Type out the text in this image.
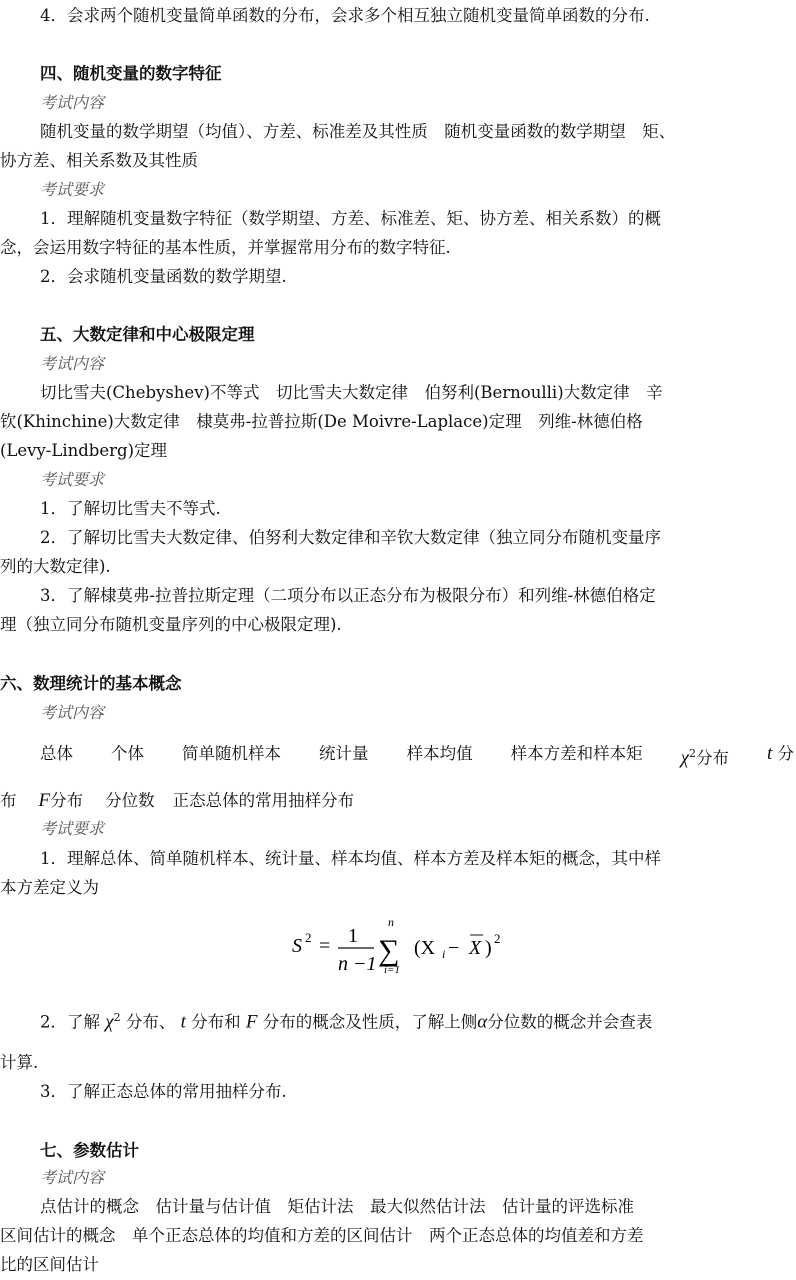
4．会求两个随机变量简单函数的分布，会求多个相互独立随机变量简单函数的分布.
四、随机变量的数字特征
考试内容
随机变量的数学期望（均值）、方差、标准差及其性质　随机变量函数的数学期望　矩、
协方差、相关系数及其性质
考试要求
1．理解随机变量数字特征（数学期望、方差、标准差、矩、协方差、相关系数）的概
念，会运用数字特征的基本性质，并掌握常用分布的数字特征.
2．会求随机变量函数的数学期望.
五、大数定律和中心极限定理
考试内容
切比雪夫(Chebyshev)不等式　切比雪夫大数定律　伯努利(Bernoulli)大数定律　辛
钦(Khinchine)大数定律　棣莫弗-拉普拉斯(De Moivre-Laplace)定理　列维-林德伯格
(Levy-Lindberg)定理
考试要求
1．了解切比雪夫不等式.
2．了解切比雪夫大数定律、伯努利大数定律和辛钦大数定律（独立同分布随机变量序
列的大数定律).
3．了解棣莫弗-拉普拉斯定理（二项分布以正态分布为极限分布）和列维-林德伯格定
理（独立同分布随机变量序列的中心极限定理).
六、数理统计的基本概念
考试内容
总体 个体 简单随机样本 统计量 样本均值 样本方差和样本矩 $\chi^2$分布 t 分
布 F分布 分位数 正态总体的常用抽样分布
考试要求
1．理解总体、简单随机样本、统计量、样本均值、样本方差及样本矩的概念，其中样
本方差定义为
S 2 = 1
n −1
n
∑
i=1
(X i − X ) 2
2．了解 $\chi^2$ 分布、 t 分布和 F 分布的概念及性质，了解上侧α分位数的概念并会查表
计算.
3．了解正态总体的常用抽样分布.
七、参数估计
考试内容
点估计的概念　估计量与估计值　矩估计法　最大似然估计法　估计量的评选标准
区间估计的概念　单个正态总体的均值和方差的区间估计　两个正态总体的均值差和方差
比的区间估计
